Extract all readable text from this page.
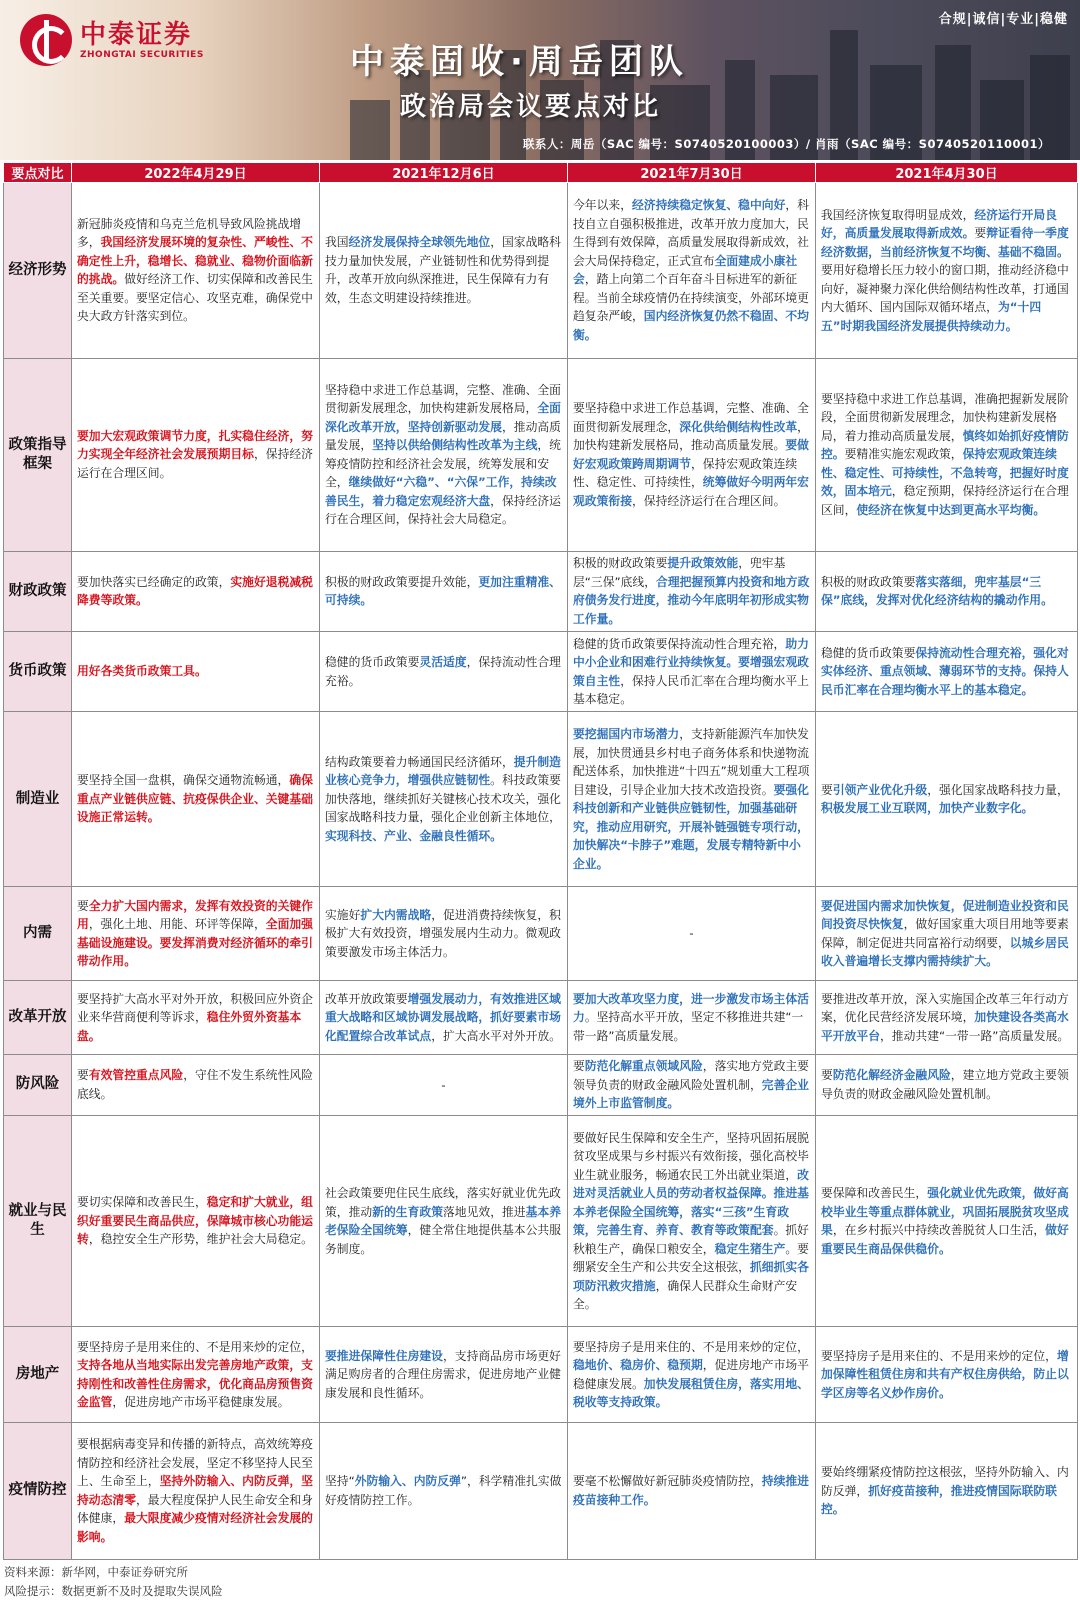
中泰证券
ZHONGTAI SECURITIES
合规|诚信|专业|稳健
中泰固收·周岳团队
政治局会议要点对比
联系人：周岳（SAC 编号：S0740520100003）/ 肖雨（SAC 编号：S0740520110001）
要点对比	2022年4月29日	2021年12月6日	2021年7月30日	2021年4月30日
经济形势	新冠肺炎疫情和乌克兰危机导致风险挑战增多，我国经济发展环境的复杂性、严峻性、不确定性上升，稳增长、稳就业、稳物价面临新的挑战。做好经济工作、切实保障和改善民生至关重要。要坚定信心、攻坚克难，确保党中央大政方针落实到位。	我国经济发展保持全球领先地位，国家战略科技力量加快发展，产业链韧性和优势得到提升，改革开放向纵深推进，民生保障有力有效，生态文明建设持续推进。	今年以来，经济持续稳定恢复、稳中向好，科技自立自强积极推进，改革开放力度加大，民生得到有效保障，高质量发展取得新成效，社会大局保持稳定，正式宣布全面建成小康社会，踏上向第二个百年奋斗目标进军的新征程。当前全球疫情仍在持续演变，外部环境更趋复杂严峻，国内经济恢复仍然不稳固、不均衡。	我国经济恢复取得明显成效，经济运行开局良好，高质量发展取得新成效。要辩证看待一季度经济数据，当前经济恢复不均衡、基础不稳固。要用好稳增长压力较小的窗口期，推动经济稳中向好，凝神聚力深化供给侧结构性改革，打通国内大循环、国内国际双循环堵点，为“十四五”时期我国经济发展提供持续动力。
政策指导框架	要加大宏观政策调节力度，扎实稳住经济，努力实现全年经济社会发展预期目标，保持经济运行在合理区间。	坚持稳中求进工作总基调，完整、准确、全面贯彻新发展理念，加快构建新发展格局，全面深化改革开放，坚持创新驱动发展，推动高质量发展，坚持以供给侧结构性改革为主线，统筹疫情防控和经济社会发展，统筹发展和安全，继续做好“六稳”、“六保”工作，持续改善民生，着力稳定宏观经济大盘，保持经济运行在合理区间，保持社会大局稳定。	要坚持稳中求进工作总基调，完整、准确、全面贯彻新发展理念，深化供给侧结构性改革，加快构建新发展格局，推动高质量发展。要做好宏观政策跨周期调节，保持宏观政策连续性、稳定性、可持续性，统筹做好今明两年宏观政策衔接，保持经济运行在合理区间。	要坚持稳中求进工作总基调，准确把握新发展阶段，全面贯彻新发展理念，加快构建新发展格局，着力推动高质量发展，慎终如始抓好疫情防控。要精准实施宏观政策，保持宏观政策连续性、稳定性、可持续性，不急转弯，把握好时度效，固本培元，稳定预期，保持经济运行在合理区间，使经济在恢复中达到更高水平均衡。
财政政策	要加快落实已经确定的政策，实施好退税减税降费等政策。	积极的财政政策要提升效能，更加注重精准、可持续。	积极的财政政策要提升政策效能，兜牢基层“三保”底线，合理把握预算内投资和地方政府债务发行进度，推动今年底明年初形成实物工作量。	积极的财政政策要落实落细，兜牢基层“三保”底线，发挥对优化经济结构的撬动作用。
货币政策	用好各类货币政策工具。	稳健的货币政策要灵活适度，保持流动性合理充裕。	稳健的货币政策要保持流动性合理充裕，助力中小企业和困难行业持续恢复。要增强宏观政策自主性，保持人民币汇率在合理均衡水平上基本稳定。	稳健的货币政策要保持流动性合理充裕，强化对实体经济、重点领域、薄弱环节的支持。保持人民币汇率在合理均衡水平上的基本稳定。
制造业	要坚持全国一盘棋，确保交通物流畅通，确保重点产业链供应链、抗疫保供企业、关键基础设施正常运转。	结构政策要着力畅通国民经济循环，提升制造业核心竞争力，增强供应链韧性。科技政策要加快落地，继续抓好关键核心技术攻关，强化国家战略科技力量，强化企业创新主体地位，实现科技、产业、金融良性循环。	要挖掘国内市场潜力，支持新能源汽车加快发展，加快贯通县乡村电子商务体系和快递物流配送体系，加快推进“十四五”规划重大工程项目建设，引导企业加大技术改造投资。要强化科技创新和产业链供应链韧性，加强基础研究，推动应用研究，开展补链强链专项行动，加快解决“卡脖子”难题，发展专精特新中小企业。	要引领产业优化升级，强化国家战略科技力量，积极发展工业互联网，加快产业数字化。
内需	要全力扩大国内需求，发挥有效投资的关键作用，强化土地、用能、环评等保障，全面加强基础设施建设。要发挥消费对经济循环的牵引带动作用。	实施好扩大内需战略，促进消费持续恢复，积极扩大有效投资，增强发展内生动力。微观政策要激发市场主体活力。	-	要促进国内需求加快恢复，促进制造业投资和民间投资尽快恢复，做好国家重大项目用地等要素保障，制定促进共同富裕行动纲要，以城乡居民收入普遍增长支撑内需持续扩大。
改革开放	要坚持扩大高水平对外开放，积极回应外资企业来华营商便利等诉求，稳住外贸外资基本盘。	改革开放政策要增强发展动力，有效推进区域重大战略和区域协调发展战略，抓好要素市场化配置综合改革试点，扩大高水平对外开放。	要加大改革攻坚力度，进一步激发市场主体活力。坚持高水平开放，坚定不移推进共建“一带一路”高质量发展。	要推进改革开放，深入实施国企改革三年行动方案，优化民营经济发展环境，加快建设各类高水平开放平台，推动共建“一带一路”高质量发展。
防风险	要有效管控重点风险，守住不发生系统性风险底线。	-	要防范化解重点领域风险，落实地方党政主要领导负责的财政金融风险处置机制，完善企业境外上市监管制度。	要防范化解经济金融风险，建立地方党政主要领导负责的财政金融风险处置机制。
就业与民生	要切实保障和改善民生，稳定和扩大就业，组织好重要民生商品供应，保障城市核心功能运转，稳控安全生产形势，维护社会大局稳定。	社会政策要兜住民生底线，落实好就业优先政策，推动新的生育政策落地见效，推进基本养老保险全国统筹，健全常住地提供基本公共服务制度。	要做好民生保障和安全生产，坚持巩固拓展脱贫攻坚成果与乡村振兴有效衔接，强化高校毕业生就业服务，畅通农民工外出就业渠道，改进对灵活就业人员的劳动者权益保障。推进基本养老保险全国统筹，落实“三孩”生育政策，完善生育、养育、教育等政策配套。抓好秋粮生产，确保口粮安全，稳定生猪生产。要绷紧安全生产和公共安全这根弦，抓细抓实各项防汛救灾措施，确保人民群众生命财产安全。	要保障和改善民生，强化就业优先政策，做好高校毕业生等重点群体就业，巩固拓展脱贫攻坚成果，在乡村振兴中持续改善脱贫人口生活，做好重要民生商品保供稳价。
房地产	要坚持房子是用来住的、不是用来炒的定位，支持各地从当地实际出发完善房地产政策，支持刚性和改善性住房需求，优化商品房预售资金监管，促进房地产市场平稳健康发展。	要推进保障性住房建设，支持商品房市场更好满足购房者的合理住房需求，促进房地产业健康发展和良性循环。	要坚持房子是用来住的、不是用来炒的定位，稳地价、稳房价、稳预期，促进房地产市场平稳健康发展。加快发展租赁住房，落实用地、税收等支持政策。	要坚持房子是用来住的、不是用来炒的定位，增加保障性租赁住房和共有产权住房供给，防止以学区房等名义炒作房价。
疫情防控	要根据病毒变异和传播的新特点，高效统筹疫情防控和经济社会发展，坚定不移坚持人民至上、生命至上，坚持外防输入、内防反弹，坚持动态清零，最大程度保护人民生命安全和身体健康，最大限度减少疫情对经济社会发展的影响。	坚持“外防输入、内防反弹”，科学精准扎实做好疫情防控工作。	要毫不松懈做好新冠肺炎疫情防控，持续推进疫苗接种工作。	要始终绷紧疫情防控这根弦，坚持外防输入、内防反弹，抓好疫苗接种，推进疫情国际联防联控。
资料来源：新华网，中泰证券研究所
风险提示：数据更新不及时及提取失误风险
